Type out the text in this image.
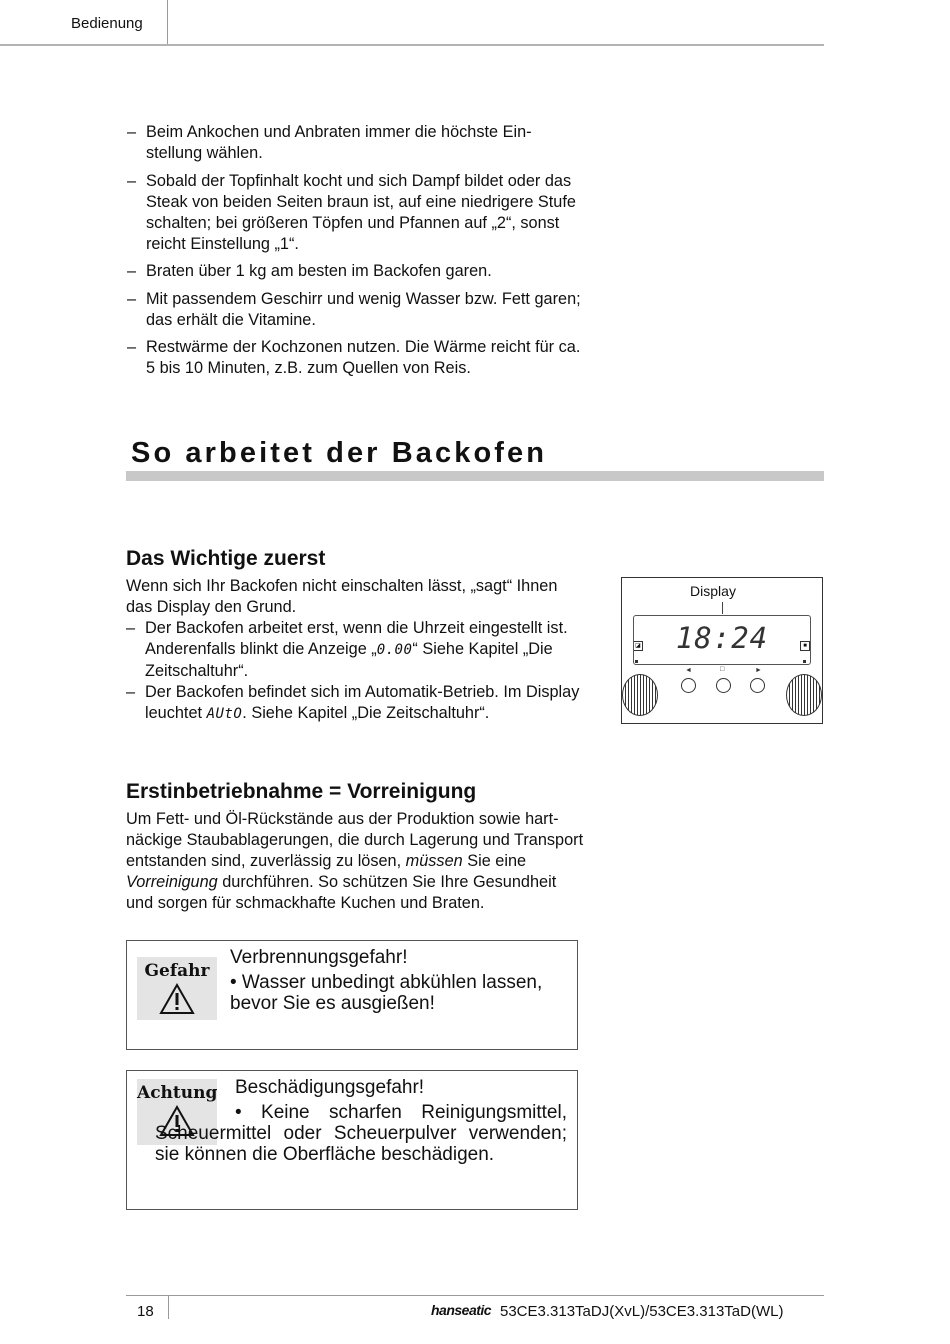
Bedienung
– Beim Ankochen und Anbraten immer die höchste Einstellung wählen.
– Sobald der Topfinhalt kocht und sich Dampf bildet oder das Steak von beiden Seiten braun ist, auf eine niedrigere Stufe schalten; bei größeren Töpfen und Pfannen auf „2“, sonst reicht Einstellung „1“.
– Braten über 1 kg am besten im Backofen garen.
– Mit passendem Geschirr und wenig Wasser bzw. Fett garen; das erhält die Vitamine.
– Restwärme der Kochzonen nutzen. Die Wärme reicht für ca. 5 bis 10 Minuten, z.B. zum Quellen von Reis.
So arbeitet der Backofen
Das Wichtige zuerst

Wenn sich Ihr Backofen nicht einschalten lässt, „sagt“ Ihnen das Display den Grund.

– Der Backofen arbeitet erst, wenn die Uhrzeit eingestellt ist. Anderenfalls blinkt die Anzeige „0.00“ Siehe Kapitel „Die Zeitschaltuhr“.
– Der Backofen befindet sich im Automatik-Betrieb. Im Display leuchtet AUtO. Siehe Kapitel „Die Zeitschaltuhr“.
Display
◪	■
18:24
◄	□	►
Erstinbetriebnahme = Vorreinigung

Um Fett- und Öl-Rückstände aus der Produktion sowie hartnäckige Staubablagerungen, die durch Lagerung und Transport entstanden sind, zuverlässig zu lösen, müssen Sie eine Vorreinigung durchführen. So schützen Sie Ihre Gesundheit und sorgen für schmackhafte Kuchen und Braten.

Gefahr
Verbrennungsgefahr!
• Wasser unbedingt abkühlen lassen, bevor Sie es ausgießen!
Achtung Beschädigungsgefahr!
• Keine scharfen Reinigungsmittel, Scheuermittel oder Scheuerpulver verwenden; sie können die Oberfläche beschädigen.
18	hanseatic 53CE3.313TaDJ(XvL)/53CE3.313TaD(WL)
